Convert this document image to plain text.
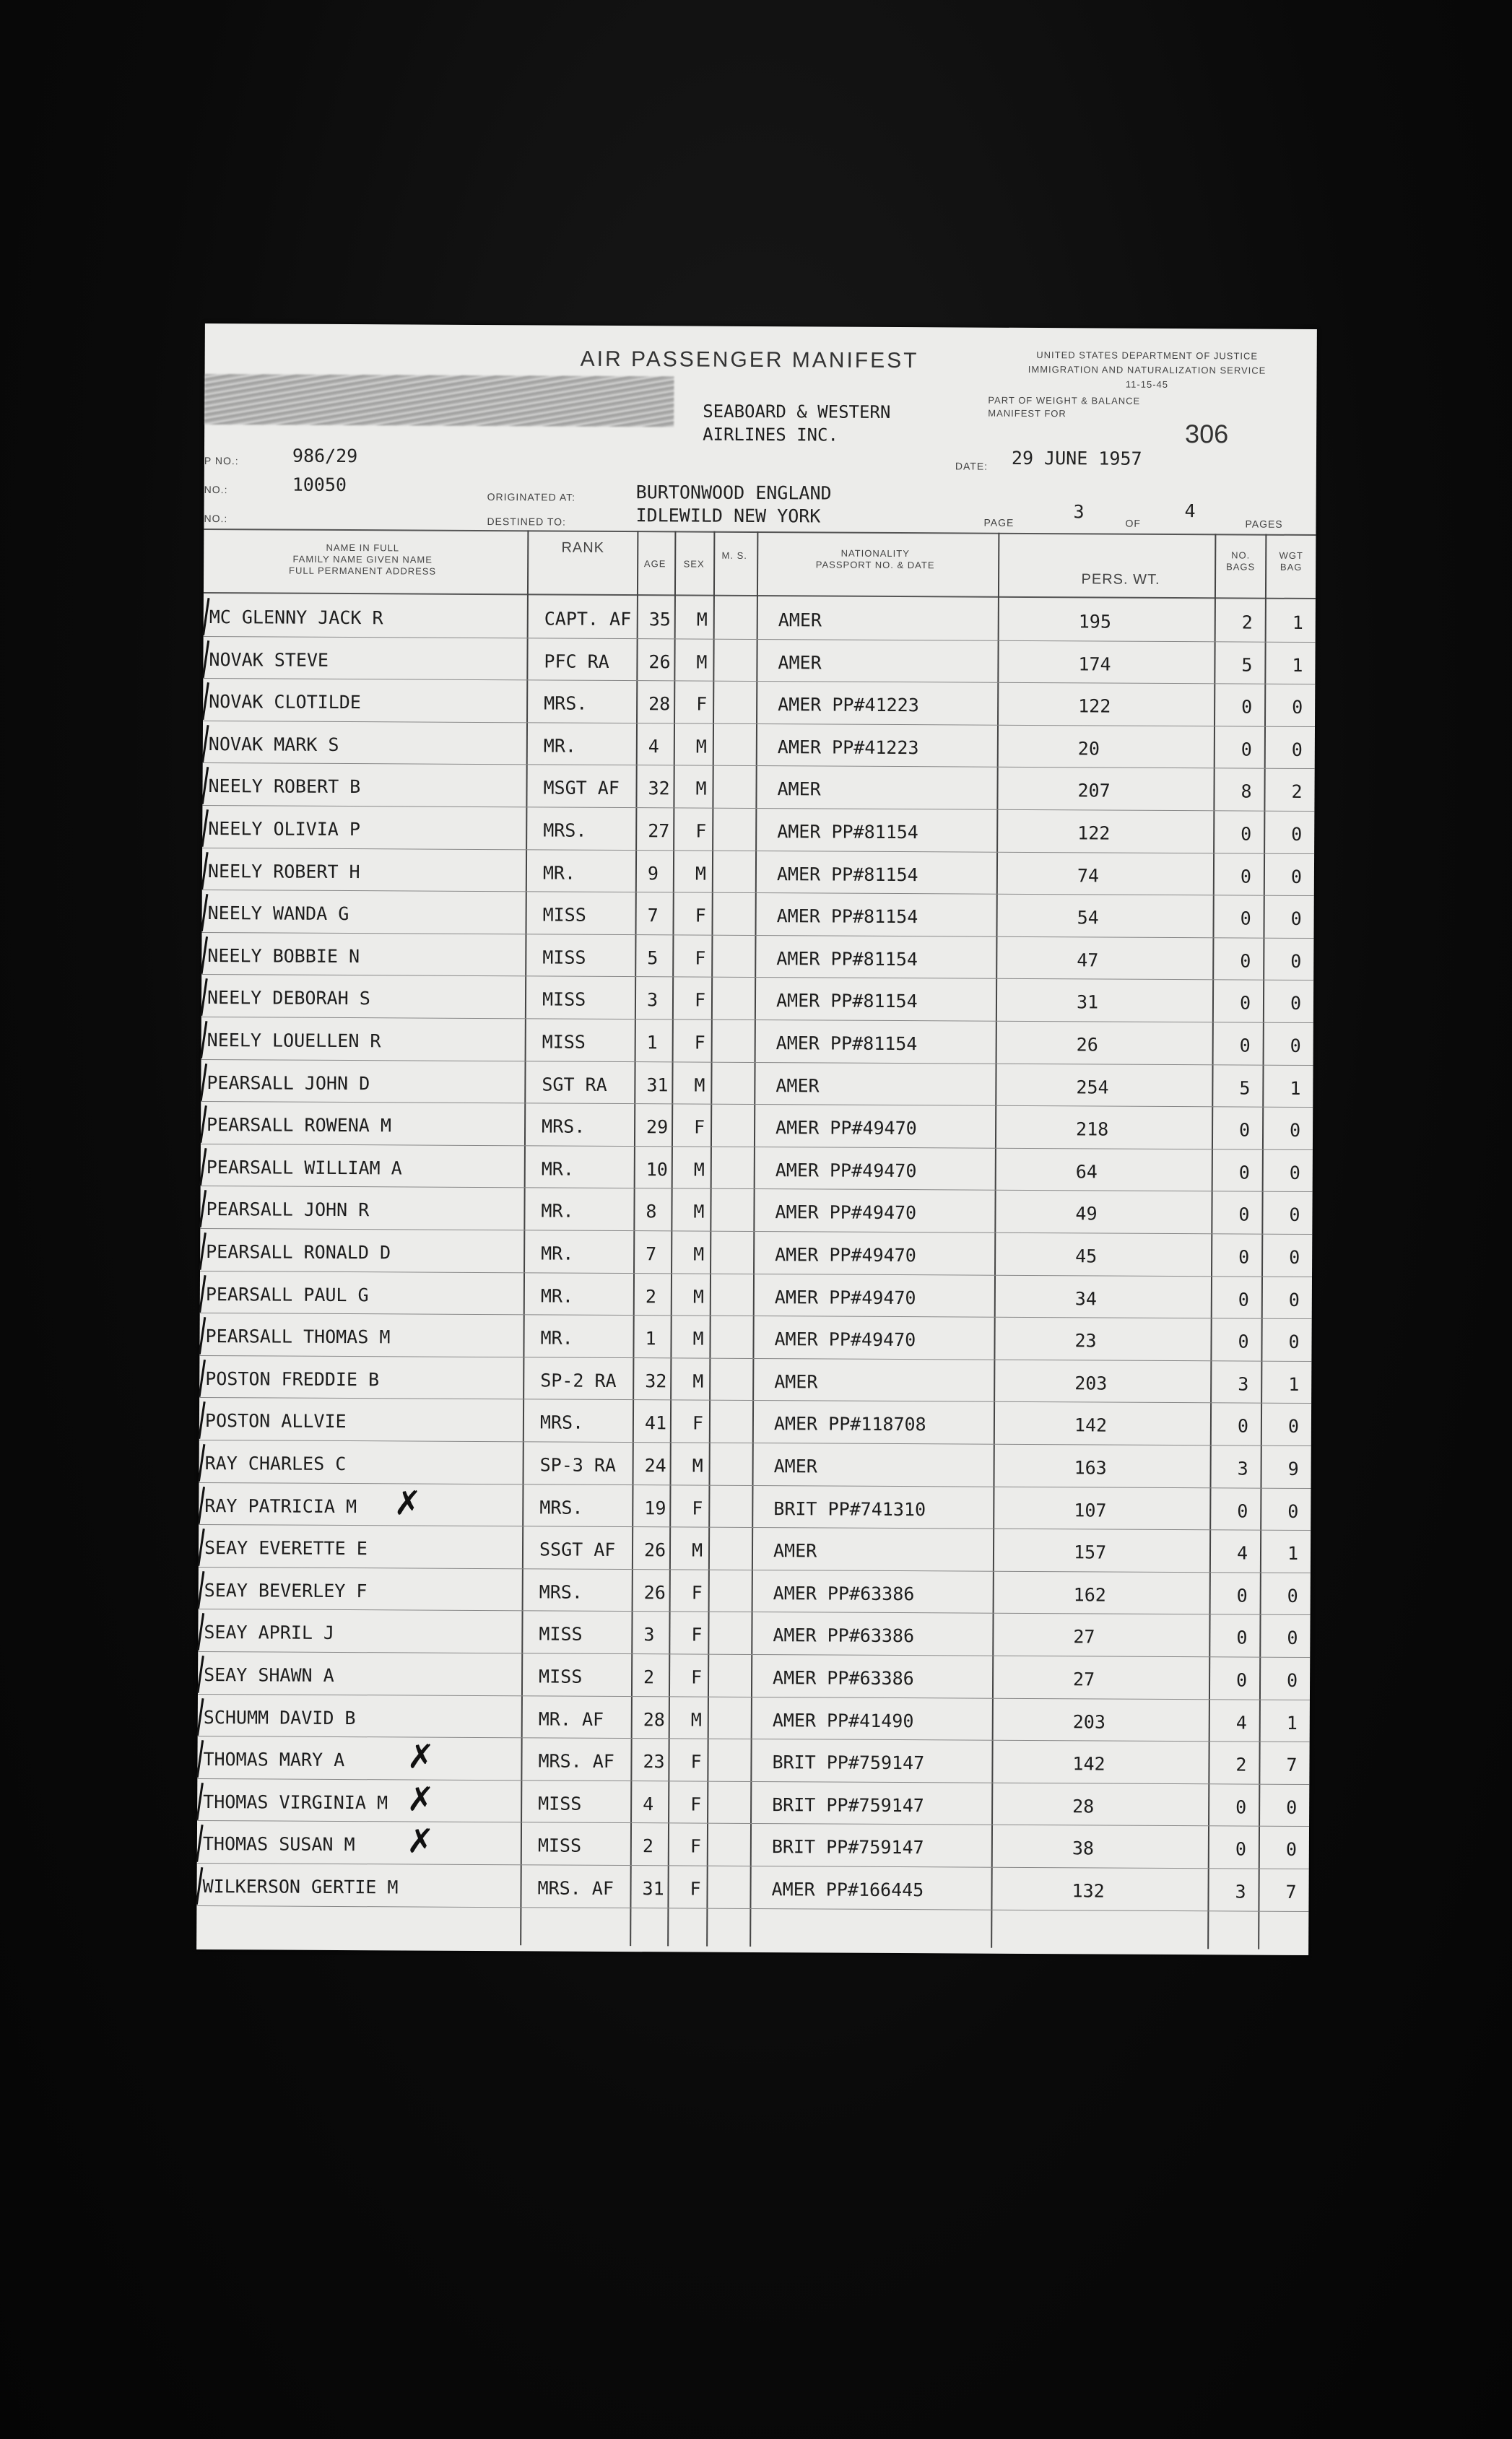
AIR PASSENGER MANIFEST	UNITED STATES DEPARTMENT OF JUSTICE
IMMIGRATION AND NATURALIZATION SERVICE
11-15-45
PART OF WEIGHT & BALANCE
MANIFEST FOR
306
SEABOARD & WESTERN
AIRLINES INC.
P NO.:	986/29
NO.:	10050
NO.:
ORIGINATED AT:	BURTONWOOD ENGLAND
DESTINED TO:	IDLEWILD NEW YORK
DATE: 29 JUNE 1957
PAGE
3
OF
4
PAGES
NAME IN FULL
FAMILY NAME GIVEN NAME
FULL PERMANENT ADDRESS
RANK
AGE	SEX
M. S.	NATIONALITY
PASSPORT NO. & DATE
PERS. WT.
NO.
BAGS
WGT
BAG
MC GLENNY JACK R	CAPT. AF 35 M	AMER	195	2 1
NOVAK STEVE	PFC RA 26 M	AMER	174	5 1
NOVAK CLOTILDE	MRS.	28 F	AMER PP#41223	122	0 0
NOVAK MARK S	MR.	4 M	AMER PP#41223	20	0 0
NEELY ROBERT B	MSGT AF 32 M	AMER	207	8 2
NEELY OLIVIA P	MRS.	27 F	AMER PP#81154	122	0 0
NEELY ROBERT H	MR.	9 M	AMER PP#81154	74	0 0
NEELY WANDA G	MISS	7 F	AMER PP#81154	54	0 0
NEELY BOBBIE N	MISS	5 F	AMER PP#81154	47	0 0
NEELY DEBORAH S	MISS	3 F	AMER PP#81154	31	0 0
NEELY LOUELLEN R	MISS	1 F	AMER PP#81154	26	0 0
PEARSALL JOHN D	SGT RA 31 M	AMER	254	5 1
PEARSALL ROWENA M	MRS.	29 F	AMER PP#49470	218	0 0
PEARSALL WILLIAM A	MR.	10 M	AMER PP#49470	64	0 0
PEARSALL JOHN R	MR.	8 M	AMER PP#49470	49	0 0
PEARSALL RONALD D	MR.	7 M	AMER PP#49470	45	0 0
PEARSALL PAUL G	MR.	2 M	AMER PP#49470	34	0 0
PEARSALL THOMAS M	MR.	1 M	AMER PP#49470	23	0 0
POSTON FREDDIE B	SP-2 RA 32 M	AMER	203	3 1
POSTON ALLVIE	MRS.	41 F	AMER PP#118708	142	0 0
RAY CHARLES C	SP-3 RA 24 M	AMER	163	3 9
RAY PATRICIA M	MRS.	19 F	BRIT PP#741310	107	0 0
✗
SEAY EVERETTE E	SSGT AF 26 M	AMER	157	4 1
SEAY BEVERLEY F	MRS.	26 F	AMER PP#63386	162	0 0
SEAY APRIL J	MISS	3 F	AMER PP#63386	27	0 0
SEAY SHAWN A	MISS	2 F	AMER PP#63386	27	0 0
SCHUMM DAVID B	MR. AF 28 M	AMER PP#41490	203	4 1
THOMAS MARY A	MRS. AF 23 F	BRIT PP#759147	142	2 7
✗
THOMAS VIRGINIA M	MISS	4 F	BRIT PP#759147	28	0 0
✗
THOMAS SUSAN M	MISS	2 F	BRIT PP#759147	38	0 0
✗
WILKERSON GERTIE M	MRS. AF 31 F	AMER PP#166445	132	3 7
